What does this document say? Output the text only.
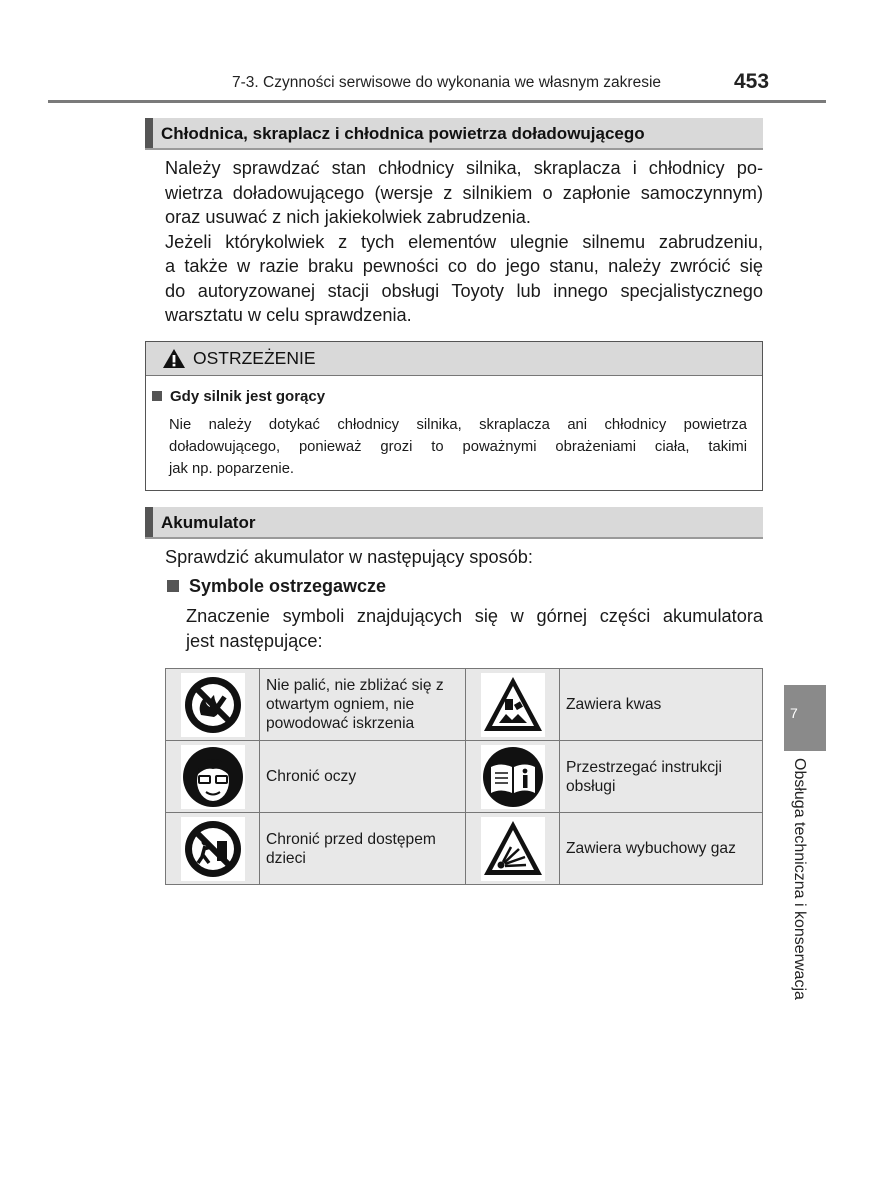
7-3. Czynności serwisowe do wykonania we własnym zakresie	453
Chłodnica, skraplacz i chłodnica powietrza doładowującego
Należy sprawdzać stan chłodnicy silnika, skraplacza i chłodnicy po-
wietrza doładowującego (wersje z silnikiem o zapłonie samoczynnym)
oraz usuwać z nich jakiekolwiek zabrudzenia.
Jeżeli którykolwiek z tych elementów ulegnie silnemu zabrudzeniu,
a także w razie braku pewności co do jego stanu, należy zwrócić się
do autoryzowanej stacji obsługi Toyoty lub innego specjalistycznego
warsztatu w celu sprawdzenia.
OSTRZEŻENIE
Gdy silnik jest gorący
Nie należy dotykać chłodnicy silnika, skraplacza ani chłodnicy powietrza
doładowującego, ponieważ grozi to poważnymi obrażeniami ciała, takimi
jak np. poparzenie.
Akumulator
Sprawdzić akumulator w następujący sposób:
Symbole ostrzegawcze
Znaczenie symboli znajdujących się w górnej części akumulatora
jest następujące:
	Nie palić, nie zbliżać się z otwartym ogniem, nie powodować iskrzenia		Zawiera kwas
	Chronić oczy		Przestrzegać instrukcji obsługi
	Chronić przed dostępem dzieci		Zawiera wybuchowy gaz
7
Obsługa techniczna i konserwacja
